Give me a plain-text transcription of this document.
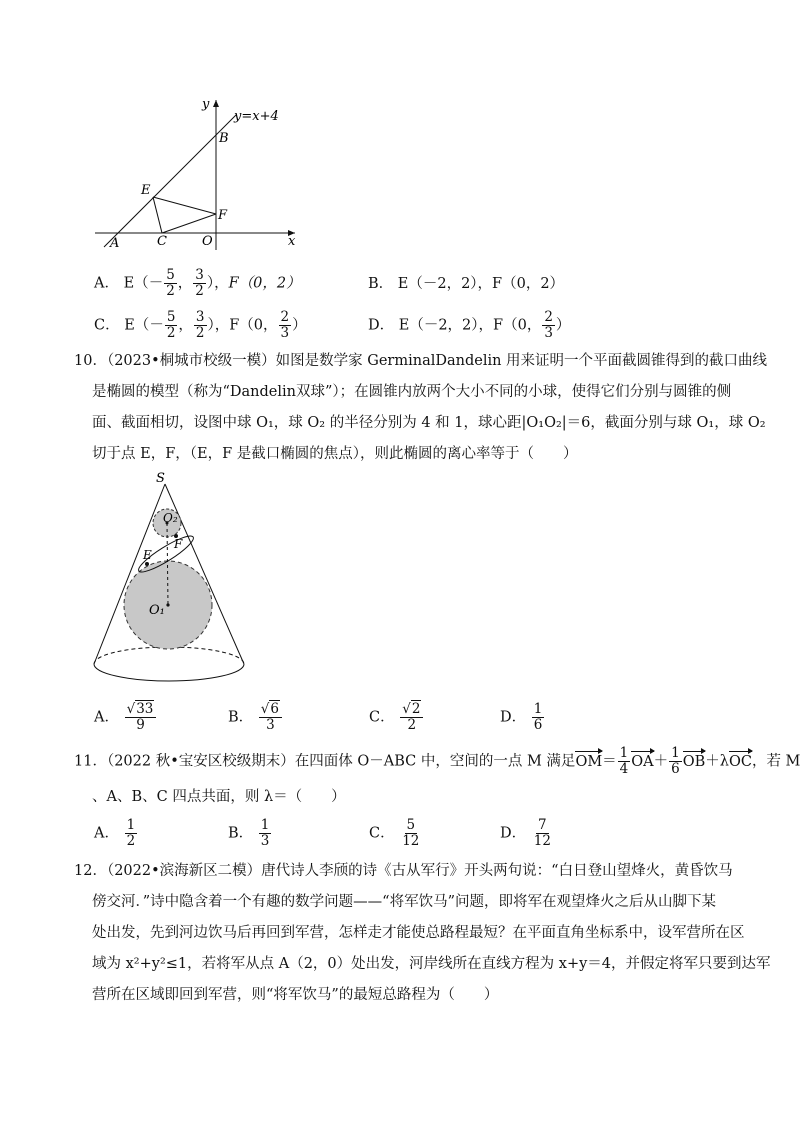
y
y=x+4
B
E
F
A	C	O	x
A． $E(- \frac{5}{2}$ ， $\frac{3}{2}$ ），F（0，2）	B． E（－2，2），F（0，2）
C． $E(- \frac{5}{2}$ ， $\frac{3}{2}$ ），F（0， $\frac{2}{3}$ ）	D． E（－2，2），F（0， $\frac{2}{3}$ ）
10．（2023•桐城市校级一模）如图是数学家 GerminalDandelin 用来证明一个平面截圆锥得到的截口曲线
是椭圆的模型（称为“Dandelin双球”）；在圆锥内放两个大小不同的小球，使得它们分别与圆锥的侧
面、截面相切，设图中球 O₁，球 O₂ 的半径分别为 4 和 1，球心距|O₁O₂|＝6，截面分别与球 O₁，球 O₂
切于点 E，F，（E，F 是截口椭圆的焦点），则此椭圆的离心率等于（　　）
S
O₂
F
E
O₁
A． $\frac{√33}{9}$	B． $\frac{√6}{3}$	C． $\frac{√2}{2}$	D． $\frac{1}{6}$
11．（2022 秋•宝安区校级期末）在四面体 O－ABC 中，空间的一点 M 满足$OM= \frac{1}{4} OA+ \frac{1}{6} OB+\lambda OC$，若 M
、A、B、C 四点共面，则 λ＝（　　）
A． $\frac{1}{2}$	B． $\frac{1}{3}$	C． $\frac{5}{12}$	D． $\frac{7}{12}$
12．（2022•滨海新区二模）唐代诗人李颀的诗《古从军行》开头两句说：“白日登山望烽火，黄昏饮马
傍交河．”诗中隐含着一个有趣的数学问题——“将军饮马”问题，即将军在观望烽火之后从山脚下某
处出发，先到河边饮马后再回到军营，怎样走才能使总路程最短？在平面直角坐标系中，设军营所在区
域为 x²+y²≤1，若将军从点 A（2，0）处出发，河岸线所在直线方程为 x+y＝4，并假定将军只要到达军
营所在区域即回到军营，则“将军饮马”的最短总路程为（　　）
